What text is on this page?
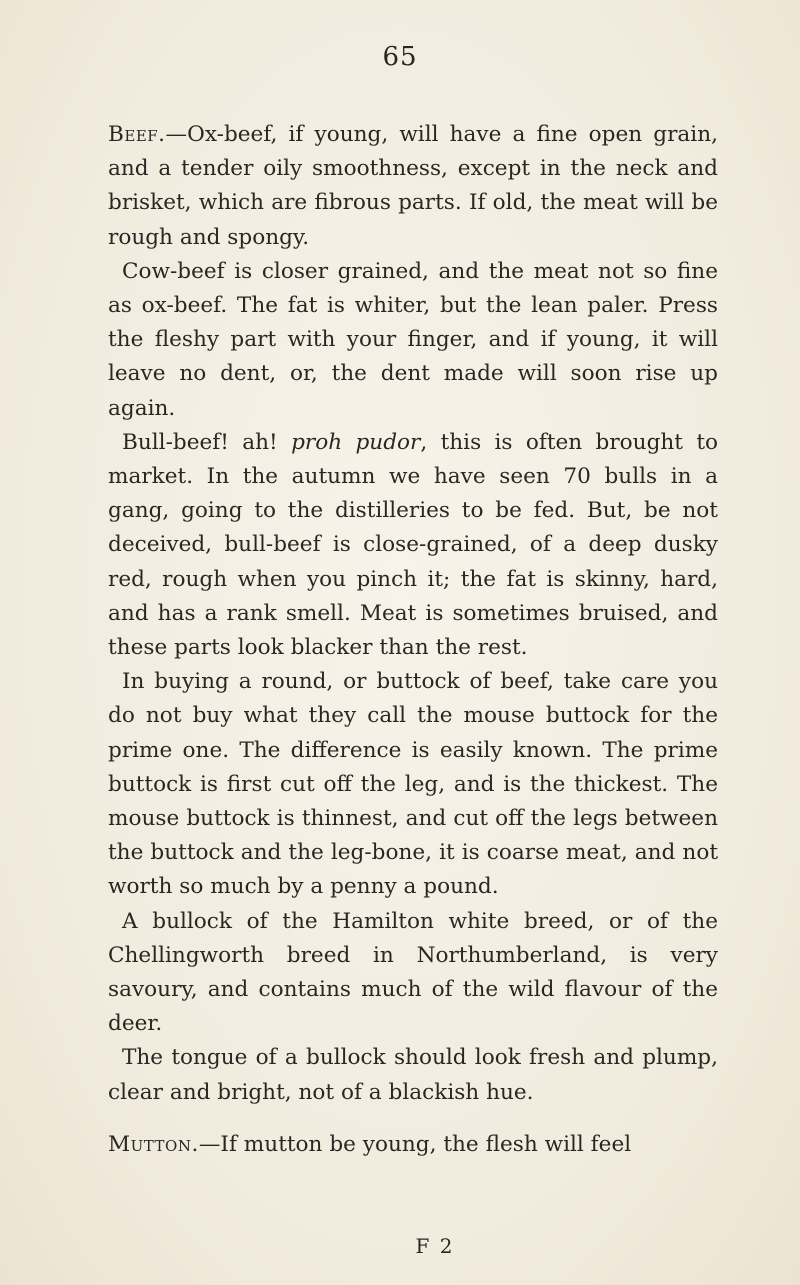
65

Beef.—Ox-beef, if young, will have a fine open grain, and a tender oily smoothness, except in the neck and brisket, which are fibrous parts. If old, the meat will be rough and spongy.

Cow-beef is closer grained, and the meat not so fine as ox-beef. The fat is whiter, but the lean paler. Press the fleshy part with your finger, and if young, it will leave no dent, or, the dent made will soon rise up again.

Bull-beef! ah! proh pudor, this is often brought to market. In the autumn we have seen 70 bulls in a gang, going to the distilleries to be fed. But, be not deceived, bull-beef is close-grained, of a deep dusky red, rough when you pinch it; the fat is skinny, hard, and has a rank smell. Meat is sometimes bruised, and these parts look blacker than the rest.

In buying a round, or buttock of beef, take care you do not buy what they call the mouse buttock for the prime one. The difference is easily known. The prime buttock is first cut off the leg, and is the thickest. The mouse buttock is thinnest, and cut off the legs between the buttock and the leg-bone, it is coarse meat, and not worth so much by a penny a pound.

A bullock of the Hamilton white breed, or of the Chellingworth breed in Northumberland, is very savoury, and contains much of the wild flavour of the deer.

The tongue of a bullock should look fresh and plump, clear and bright, not of a blackish hue.

Mutton.—If mutton be young, the flesh will feel

F 2
